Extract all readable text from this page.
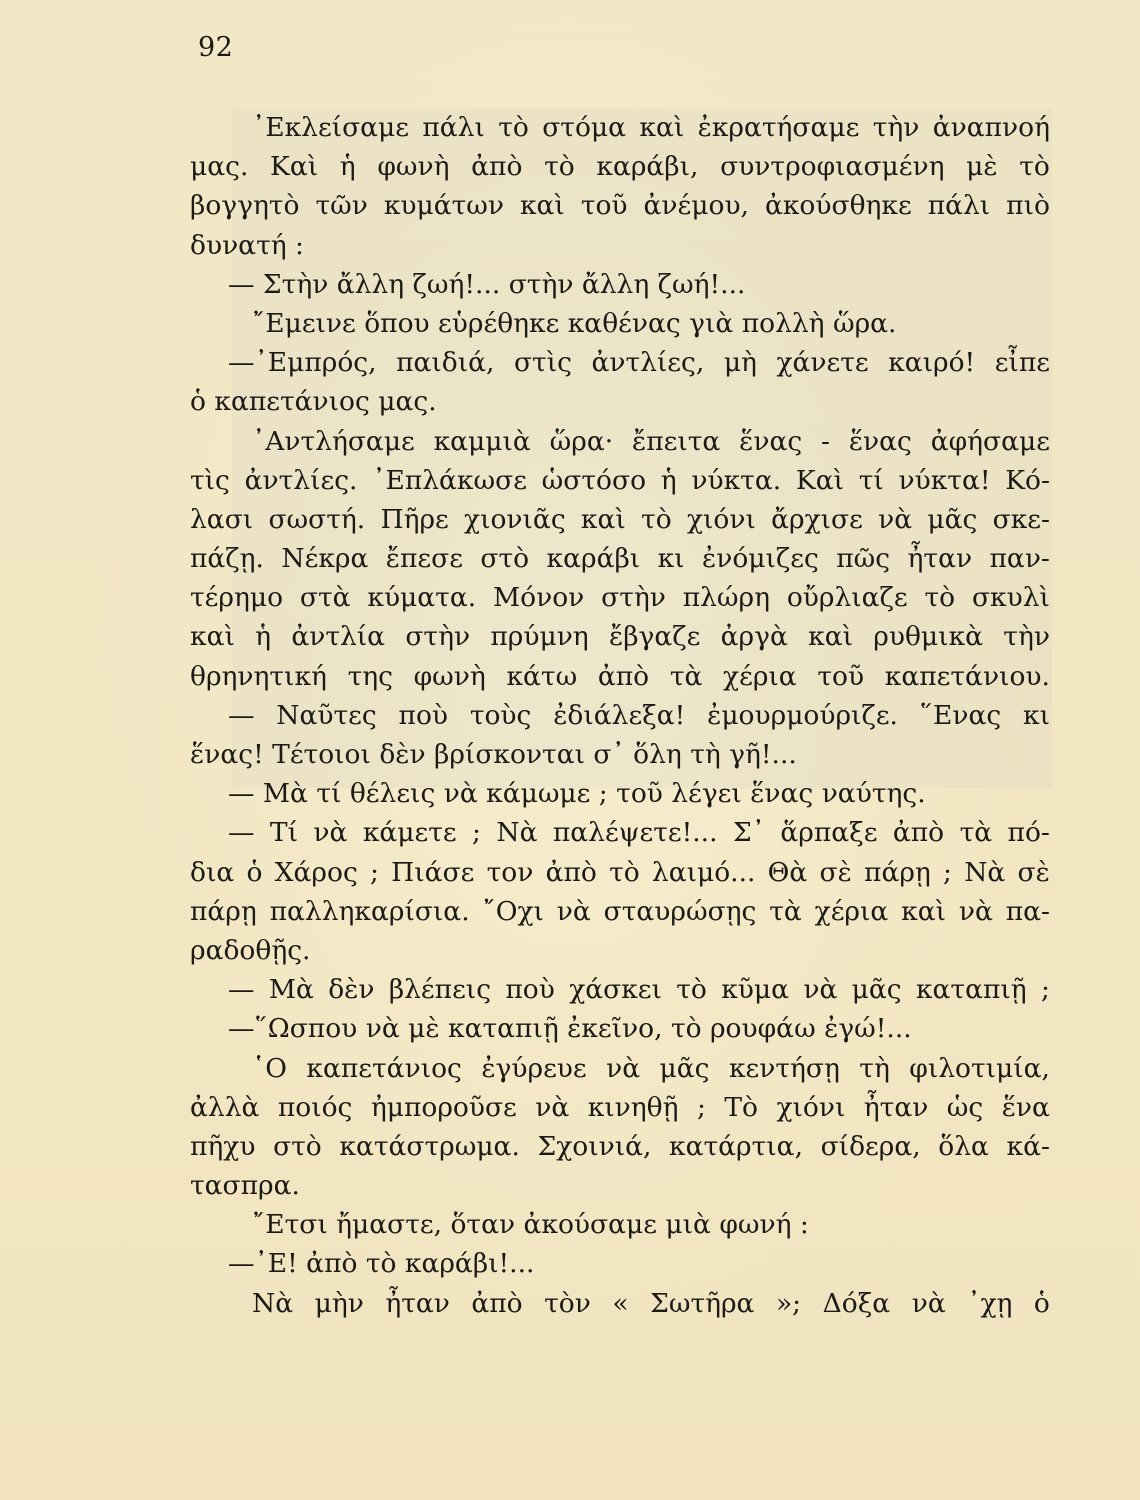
92
᾿Εκλείσαμε πάλι τὸ στόμα καὶ ἐκρατήσαμε τὴν ἀναπνοή
μας. Καὶ ἡ φωνὴ ἀπὸ τὸ καράβι, συντροφιασμένη μὲ τὸ
βογγητὸ τῶν κυμάτων καὶ τοῦ ἀνέμου, ἀκούσθηκε πάλι πιὸ
δυνατή :
— Στὴν ἄλλη ζωή!... στὴν ἄλλη ζωή!...
῎Εμεινε ὅπου εὑρέθηκε καθένας γιὰ πολλὴ ὥρα.
—᾿Εμπρός, παιδιά, στὶς ἀντλίες, μὴ χάνετε καιρό! εἶπε
ὁ καπετάνιος μας.
᾿Αντλήσαμε καμμιὰ ὥρα· ἔπειτα ἕνας - ἕνας ἀφήσαμε
τὶς ἀντλίες. ᾿Επλάκωσε ὡστόσο ἡ νύκτα. Καὶ τί νύκτα! Κό-
λασι σωστή. Πῆρε χιονιᾶς καὶ τὸ χιόνι ἄρχισε νὰ μᾶς σκε-
πάζῃ. Νέκρα ἔπεσε στὸ καράβι κι ἐνόμιζες πῶς ἦταν παν-
τέρημο στὰ κύματα. Μόνον στὴν πλώρη οὔρλιαζε τὸ σκυλὶ
καὶ ἡ ἀντλία στὴν πρύμνη ἔβγαζε ἀργὰ καὶ ρυθμικὰ τὴν
θρηνητική της φωνὴ κάτω ἀπὸ τὰ χέρια τοῦ καπετάνιου.
— Ναῦτες ποὺ τοὺς ἐδιάλεξα! ἐμουρμούριζε. ῞Ενας κι
ἕνας! Τέτοιοι δὲν βρίσκονται σ᾿ ὅλη τὴ γῆ!...
— Μὰ τί θέλεις νὰ κάμωμε ; τοῦ λέγει ἕνας ναύτης.
— Τί νὰ κάμετε ; Νὰ παλέψετε!... Σ᾿ ἅρπαξε ἀπὸ τὰ πό-
δια ὁ Χάρος ; Πιάσε τον ἀπὸ τὸ λαιμό... Θὰ σὲ πάρῃ ; Νὰ σὲ
πάρῃ παλληκαρίσια. ῎Οχι νὰ σταυρώσῃς τὰ χέρια καὶ νὰ πα-
ραδοθῇς.
— Μὰ δὲν βλέπεις ποὺ χάσκει τὸ κῦμα νὰ μᾶς καταπιῇ ;
—῞Ωσπου νὰ μὲ καταπιῇ ἐκεῖνο, τὸ ρουφάω ἐγώ!...
῾Ο καπετάνιος ἐγύρευε νὰ μᾶς κεντήσῃ τὴ φιλοτιμία,
ἀλλὰ ποιός ἠμποροῦσε νὰ κινηθῇ ; Τὸ χιόνι ἦταν ὡς ἕνα
πῆχυ στὸ κατάστρωμα. Σχοινιά, κατάρτια, σίδερα, ὅλα κά-
τασπρα.
῎Ετσι ἤμαστε, ὅταν ἀκούσαμε μιὰ φωνή :
—᾿Ε! ἀπὸ τὸ καράβι!...
Νὰ μὴν ἦταν ἀπὸ τὸν « Σωτῆρα »; Δόξα νὰ ᾿χῃ ὁ
